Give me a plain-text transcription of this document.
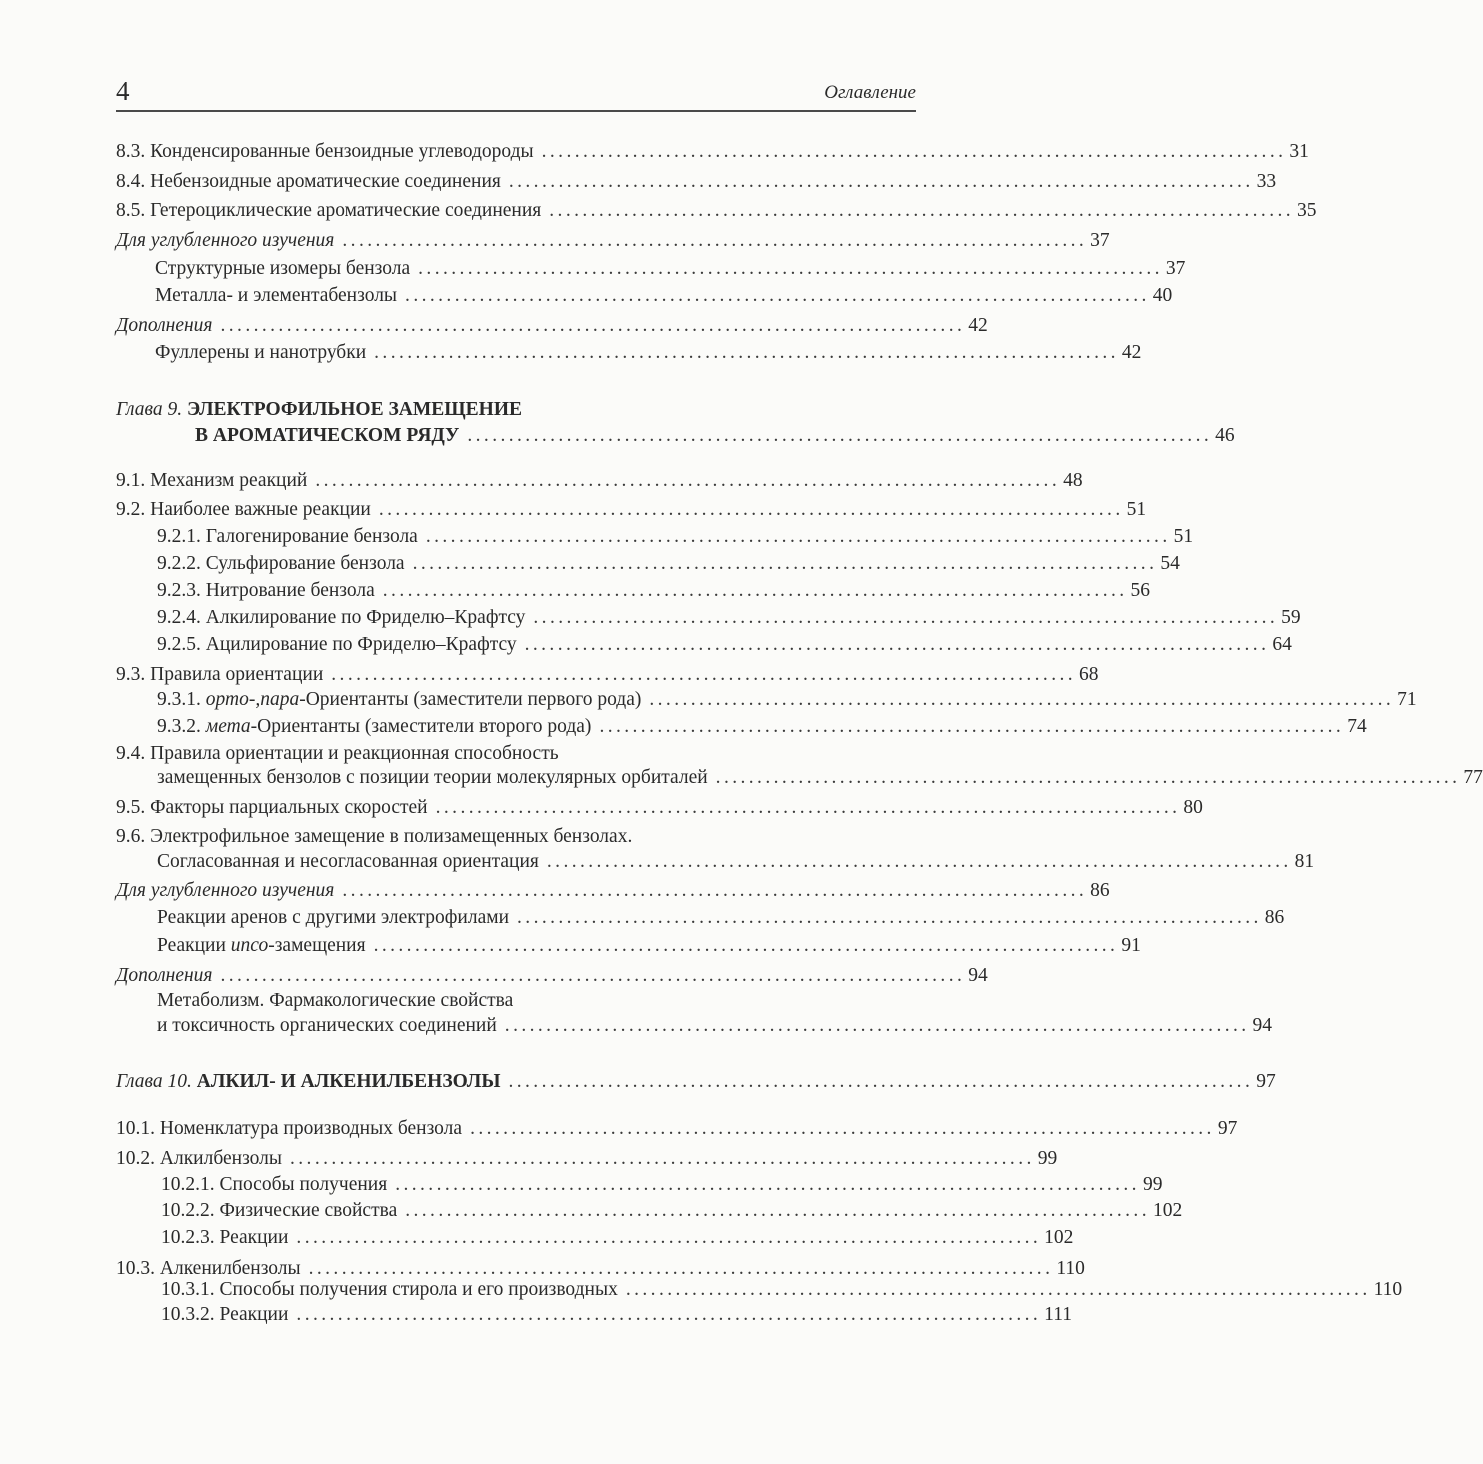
4	Оглавление
8.3. Конденсированные бензоидные углеводороды .......................................................................................... 31
8.4. Небензоидные ароматические соединения .......................................................................................... 33
8.5. Гетероциклические ароматические соединения .......................................................................................... 35
Для углубленного изучения .......................................................................................... 37
Структурные изомеры бензола .......................................................................................... 37
Металла- и элементабензолы .......................................................................................... 40
Дополнения .......................................................................................... 42
Фуллерены и нанотрубки .......................................................................................... 42
Глава 9. ЭЛЕКТРОФИЛЬНОЕ ЗАМЕЩЕНИЕ
В АРОМАТИЧЕСКОМ РЯДУ .......................................................................................... 46
9.1. Механизм реакций .......................................................................................... 48
9.2. Наиболее важные реакции .......................................................................................... 51
9.2.1. Галогенирование бензола .......................................................................................... 51
9.2.2. Сульфирование бензола .......................................................................................... 54
9.2.3. Нитрование бензола .......................................................................................... 56
9.2.4. Алкилирование по Фриделю–Крафтсу .......................................................................................... 59
9.2.5. Ацилирование по Фриделю–Крафтсу .......................................................................................... 64
9.3. Правила ориентации .......................................................................................... 68
9.3.1. орто-,пара-Ориентанты (заместители первого рода) .......................................................................................... 71
9.3.2. мета-Ориентанты (заместители второго рода) .......................................................................................... 74
9.4. Правила ориентации и реакционная способность
замещенных бензолов с позиции теории молекулярных орбиталей .......................................................................................... 77
9.5. Факторы парциальных скоростей .......................................................................................... 80
9.6. Электрофильное замещение в полизамещенных бензолах.
Согласованная и несогласованная ориентация .......................................................................................... 81
Для углубленного изучения .......................................................................................... 86
Реакции аренов с другими электрофилами .......................................................................................... 86
Реакции ипсо-замещения .......................................................................................... 91
Дополнения .......................................................................................... 94
Метаболизм. Фармакологические свойства
и токсичность органических соединений .......................................................................................... 94
Глава 10. АЛКИЛ- И АЛКЕНИЛБЕНЗОЛЫ .......................................................................................... 97
10.1. Номенклатура производных бензола .......................................................................................... 97
10.2. Алкилбензолы .......................................................................................... 99
10.2.1. Способы получения .......................................................................................... 99
10.2.2. Физические свойства .......................................................................................... 102
10.2.3. Реакции .......................................................................................... 102
10.3. Алкенилбензолы .......................................................................................... 110
10.3.1. Способы получения стирола и его производных .......................................................................................... 110
10.3.2. Реакции .......................................................................................... 111
